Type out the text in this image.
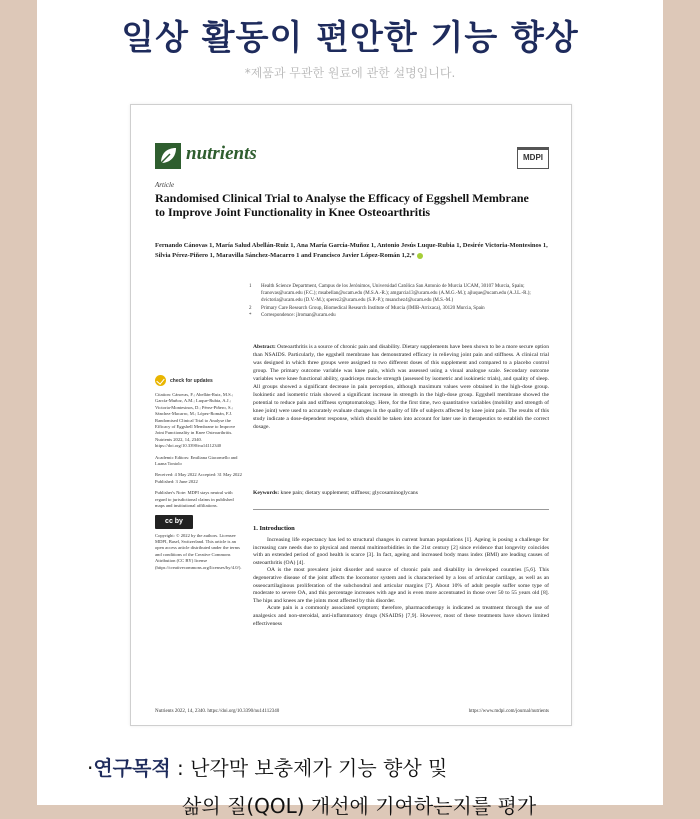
일상 활동이 편안한 기능 향상
*제품과 무관한 원료에 관한 설명입니다.
nutrients	MDPI
Article
Randomised Clinical Trial to Analyse the Efficacy of Eggshell Membrane to Improve Joint Functionality in Knee Osteoarthritis
Fernando Cánovas 1, María Salud Abellán-Ruiz 1, Ana María García-Muñoz 1, Antonio Jesús Luque-Rubia 1, Desirée Victoria-Montesinos 1, Silvia Pérez-Piñero 1, Maravilla Sánchez-Macarro 1 and Francisco Javier López-Román 1,2,*
1	Health Science Department, Campus de los Jerónimos, Universidad Católica San Antonio de Murcia UCAM, 30107 Murcia, Spain; fcanovas@ucam.edu (F.C.); msabellan@ucam.edu (M.S.A.-R.); amgarcia13@ucam.edu (A.M.G.-M.); ajluque@ucam.edu (A.J.L.-R.); dvictoria@ucam.edu (D.V.-M.); sperez2@ucam.edu (S.P.-P.); msanchez4@ucam.edu (M.S.-M.)
2	Primary Care Research Group, Biomedical Research Institute of Murcia (IMIB-Arrixaca), 30120 Murcia, Spain
*	Correspondence: jlroman@ucam.edu
check for updates

Citation: Cánovas, F.; Abellán-Ruiz, M.S.; García-Muñoz, A.M.; Luque-Rubia, A.J.; Victoria-Montesinos, D.; Pérez-Piñero, S.; Sánchez-Macarro, M.; López-Román, F.J. Randomised Clinical Trial to Analyse the Efficacy of Eggshell Membrane to Improve Joint Functionality in Knee Osteoarthritis. Nutrients 2022, 14, 2340. https://doi.org/10.3390/nu14112340

Academic Editors: Emiliana Giacomello and Luana Toniolo

Received: 4 May 2022 Accepted: 31 May 2022 Published: 3 June 2022

Publisher's Note: MDPI stays neutral with regard to jurisdictional claims in published maps and institutional affiliations.

cc by

Copyright: © 2022 by the authors. Licensee MDPI, Basel, Switzerland. This article is an open access article distributed under the terms and conditions of the Creative Commons Attribution (CC BY) license (https://creativecommons.org/licenses/by/4.0/).

Abstract: Osteoarthritis is a source of chronic pain and disability. Dietary supplements have been shown to be a more secure option than NSAIDS. Particularly, the eggshell membrane has demonstrated efficacy in relieving joint pain and stiffness. A clinical trial was designed in which three groups were assigned to two different doses of this supplement and compared to a placebo control group. The primary outcome variable was knee pain, which was assessed using a visual analogue scale. Secondary outcome variables were knee functional ability, quadriceps muscle strength (assessed by isometric and isokinetic trials), and quality of sleep. All groups showed a significant decrease in pain perception, although maximum values were obtained in the high-dose group. Isokinetic and isometric trials showed a significant increase in strength in the high-dose group. Eggshell membrane showed the potential to reduce pain and stiffness symptomatology. Here, for the first time, two quantitative variables (mobility and strength of knee joint) were used to accurately evaluate changes in the quality of life of subjects affected by knee joint pain. The results of this study indicate a dose-dependent response, which should be taken into account for later use in therapeutics to establish the correct dosage.
Keywords: knee pain; dietary supplement; stiffness; glycosaminoglycans
1. Introduction

Increasing life expectancy has led to structural changes in current human populations [1]. Ageing is posing a challenge for increasing care needs due to physical and mental multimorbidities in the 21st century [2] since evidence that longevity coincides with an extended period of good health is scarce [3]. In fact, ageing and increased body mass index (BMI) are leading causes of osteoarthritis (OA) [4].

OA is the most prevalent joint disorder and source of chronic pain and disability in developed countries [5,6]. This degenerative disease of the joint affects the locomotor system and is characterised by a loss of articular cartilage, as well as an osseocartilaginous proliferation of the subchondral and articular margins [7]. About 10% of adult people suffer some type of moderate to severe OA, and this percentage increases with age and is even more accentuated in those over 50 to 55 years old [8]. The hips and knees are the joints most affected by this disorder.

Acute pain is a commonly associated symptom; therefore, pharmacotherapy is indicated as treatment through the use of analgesics and non-steroidal, anti-inflammatory drugs (NSAIDS) [7,9]. However, most of these treatments have shown limited effectiveness

Nutrients 2022, 14, 2340. https://doi.org/10.3390/nu14112340	https://www.mdpi.com/journal/nutrients
·연구목적 : 난각막 보충제가 기능 향상 및
삶의 질(QOL) 개선에 기여하는지를 평가
